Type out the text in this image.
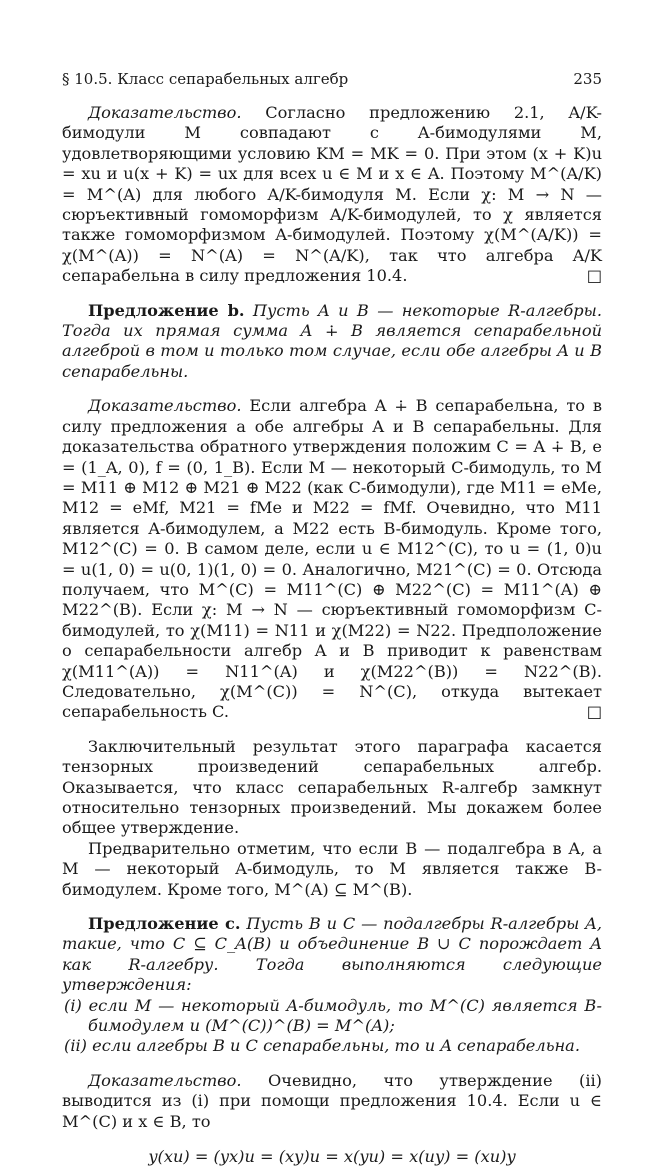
§ 10.5. Класс сепарабельных алгебр	235

Доказательство. Согласно предложению 2.1, A/K-бимодули M совпадают с A-бимодулями M, удовлетворяющими условию KM = MK = 0. При этом (x + K)u = xu и u(x + K) = ux для всех u ∈ M и x ∈ A. Поэтому M^(A/K) = M^(A) для любого A/K-бимодуля M. Если χ: M → N — сюръективный гомоморфизм A/K-бимодулей, то χ является также гомоморфизмом A-бимодулей. Поэтому χ(M^(A/K)) = χ(M^(A)) = N^(A) = N^(A/K), так что алгебра A/K сепарабельна в силу предложения 10.4.	□

Предложение b. Пусть A и B — некоторые R-алгебры. Тогда их прямая сумма A ∔ B является сепарабельной алгеброй в том и только том случае, если обе алгебры A и B сепарабельны.

Доказательство. Если алгебра A ∔ B сепарабельна, то в силу предложения a обе алгебры A и B сепарабельны. Для доказательства обратного утверждения положим C = A ∔ B, e = (1_A, 0), f = (0, 1_B). Если M — некоторый C-бимодуль, то M = M11 ⊕ M12 ⊕ M21 ⊕ M22 (как C-бимодули), где M11 = eMe, M12 = eMf, M21 = fMe и M22 = fMf. Очевидно, что M11 является A-бимодулем, а M22 есть B-бимодуль. Кроме того, M12^(C) = 0. В самом деле, если u ∈ M12^(C), то u = (1, 0)u = u(1, 0) = u(0, 1)(1, 0) = 0. Аналогично, M21^(C) = 0. Отсюда получаем, что M^(C) = M11^(C) ⊕ M22^(C) = M11^(A) ⊕ M22^(B). Если χ: M → N — сюръективный гомоморфизм C-бимодулей, то χ(M11) = N11 и χ(M22) = N22. Предположение о сепарабельности алгебр A и B приводит к равенствам χ(M11^(A)) = N11^(A) и χ(M22^(B)) = N22^(B). Следовательно, χ(M^(C)) = N^(C), откуда вытекает сепарабельность C.	□

Заключительный результат этого параграфа касается тензорных произведений сепарабельных алгебр. Оказывается, что класс сепарабельных R-алгебр замкнут относительно тензорных произведений. Мы докажем более общее утверждение.

Предварительно отметим, что если B — подалгебра в A, а M — некоторый A-бимодуль, то M является также B-бимодулем. Кроме того, M^(A) ⊆ M^(B).

Предложение c. Пусть B и C — подалгебры R-алгебры A, такие, что C ⊆ C_A(B) и объединение B ∪ C порождает A как R-алгебру. Тогда выполняются следующие утверждения:

(i) если M — некоторый A-бимодуль, то M^(C) является B-бимодулем и (M^(C))^(B) = M^(A);

(ii) если алгебры B и C сепарабельны, то и A сепарабельна.

Доказательство. Очевидно, что утверждение (ii) выводится из (i) при помощи предложения 10.4. Если u ∈ M^(C) и x ∈ B, то

y(xu) = (yx)u = (xy)u = x(yu) = x(uy) = (xu)y
